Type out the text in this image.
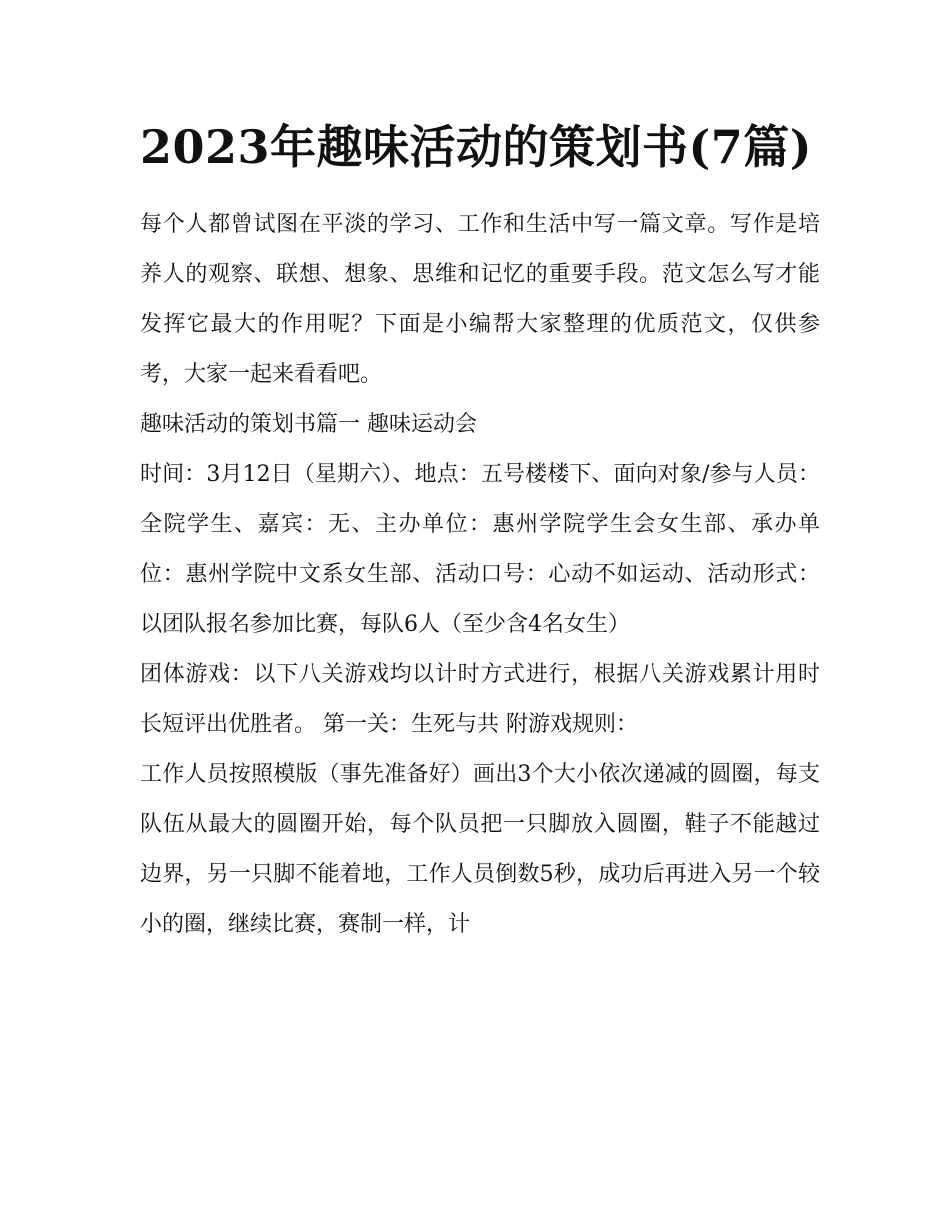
2023年趣味活动的策划书(7篇)

每个人都曾试图在平淡的学习、工作和生活中写一篇文章。写作是培养人的观察、联想、想象、思维和记忆的重要手段。范文怎么写才能发挥它最大的作用呢？下面是小编帮大家整理的优质范文，仅供参考，大家一起来看看吧。

趣味活动的策划书篇一 趣味运动会

时间：3月12日（星期六）、地点：五号楼楼下、面向对象/参与人员：全院学生、嘉宾：无、主办单位：惠州学院学生会女生部、承办单位：惠州学院中文系女生部、活动口号：心动不如运动、活动形式：以团队报名参加比赛，每队6人（至少含4名女生）

团体游戏：以下八关游戏均以计时方式进行，根据八关游戏累计用时长短评出优胜者。 第一关：生死与共 附游戏规则：

工作人员按照模版（事先准备好）画出3个大小依次递减的圆圈，每支队伍从最大的圆圈开始，每个队员把一只脚放入圆圈，鞋子不能越过边界，另一只脚不能着地，工作人员倒数5秒，成功后再进入另一个较小的圈，继续比赛，赛制一样，计
